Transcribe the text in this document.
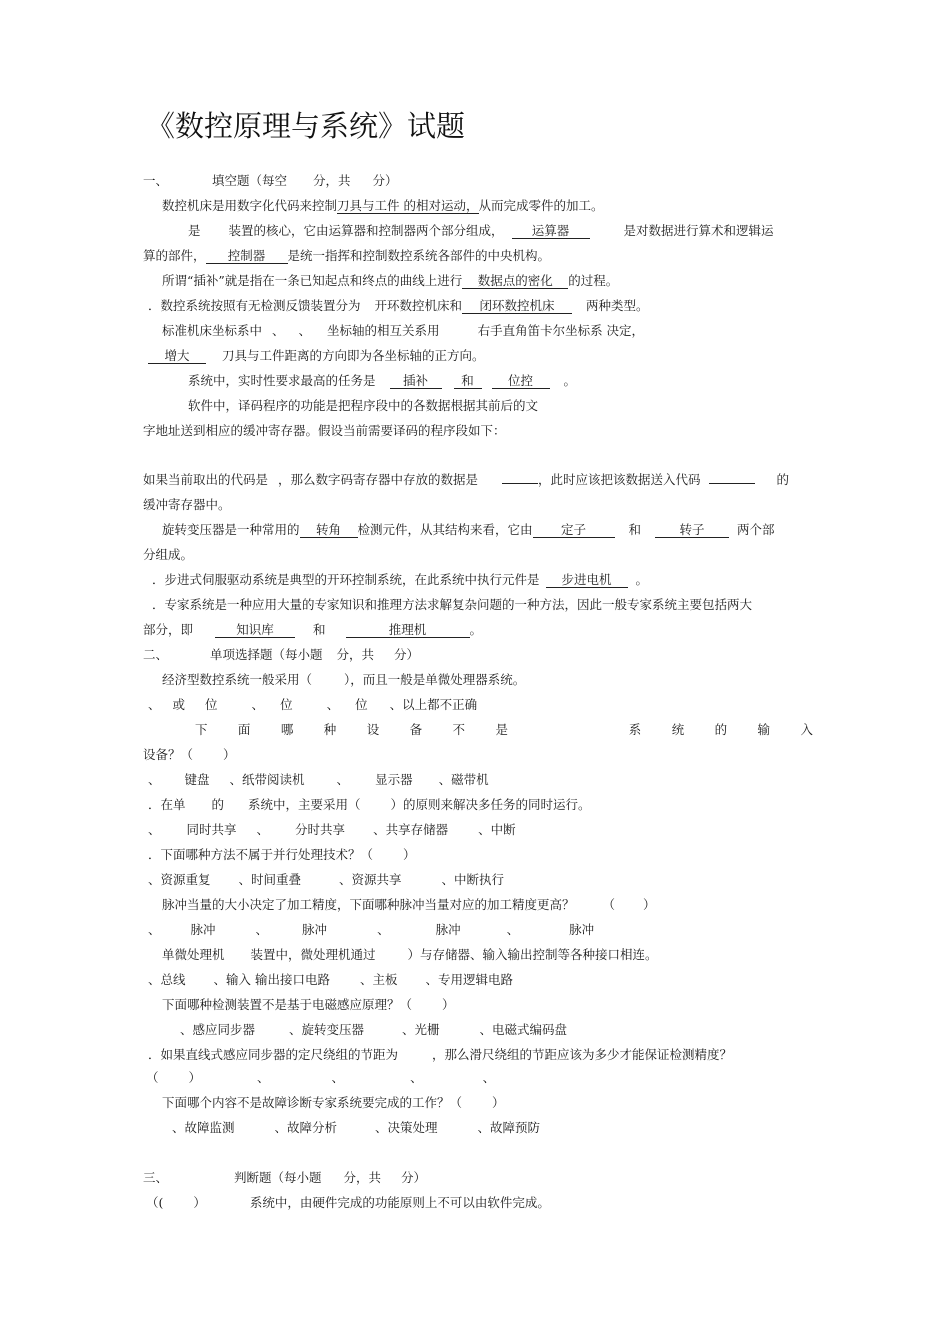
《数控原理与系统》试题
一、	填空题（每空 分，共 分）
数控机床是用数字化代码来控制刀具与工件 的相对运动，从而完成零件的加工。
是 装置的核心，它由运算器和控制器两个部分组成， 运算器	是对数据进行算术和逻辑运
算的部件， 控制器 是统一指挥和控制数控系统各部件的中央机构。
所谓“插补”就是指在一条已知起点和终点的曲线上进行 数据点的密化 的过程。
．数控系统按照有无检测反馈装置分为 开环数控机床和 闭环数控机床	两种类型。
标准机床坐标系中 、 、 坐标轴的相互关系用	右手直角笛卡尔坐标系 决定，
增大	刀具与工件距离的方向即为各坐标轴的正方向。
系统中，实时性要求最高的任务是 插补	和	位控 。
软件中，译码程序的功能是把程序段中的各数据根据其前后的文
字地址送到相应的缓冲寄存器。假设当前需要译码的程序段如下：
如果当前取出的代码是 ，那么数字码寄存器中存放的数据是	，此时应该把该数据送入代码	的
缓冲寄存器中。
旋转变压器是一种常用的 转角 检测元件，从其结构来看，它由 定子	和	转子	两个部
分组成。
．步进式伺服驱动系统是典型的开环控制系统，在此系统中执行元件是 步进电机 。
．专家系统是一种应用大量的专家知识和推理方法求解复杂问题的一种方法，因此一般专家系统主要包括两大
部分，即	知识库	和	推理机	。
二、	单项选择题（每小题 分，共 分）
经济型数控系统一般采用（	），而且一般是单微处理器系统。
、 或 位	、 位	、 位 、以上都不正确
下 面 哪 种 设 备 不 是	系 统 的 输 入
设备？（ ）
、 键盘 、纸带阅读机	、 显示器 、磁带机
．在单 的 系统中，主要采用（ ）的原则来解决多任务的同时运行。
、 同时共享 、 分时共享 、共享存储器 、中断
．下面哪种方法不属于并行处理技术？（ ）
、资源重复 、时间重叠	、资源共享	、中断执行
脉冲当量的大小决定了加工精度，下面哪种脉冲当量对应的加工精度更高？ （ ）
、 脉冲	、	脉冲	、	脉冲	、	脉冲
单微处理机 装置中，微处理机通过	）与存储器、输入输出控制等各种接口相连。
、总线 、输入 输出接口电路 、主板 、专用逻辑电路
下面哪种检测装置不是基于电磁感应原理？（ ）
、感应同步器	、旋转变压器	、光栅	、电磁式编码盘
．如果直线式感应同步器的定尺绕组的节距为	，那么滑尺绕组的节距应该为多少才能保证检测精度？
（ ）	、	、	、	、
下面哪个内容不是故障诊断专家系统要完成的工作？（ ）
、故障监测	、故障分析	、决策处理	、故障预防
三、	判断题（每小题 分，共 分）
（( ）	系统中，由硬件完成的功能原则上不可以由软件完成。
